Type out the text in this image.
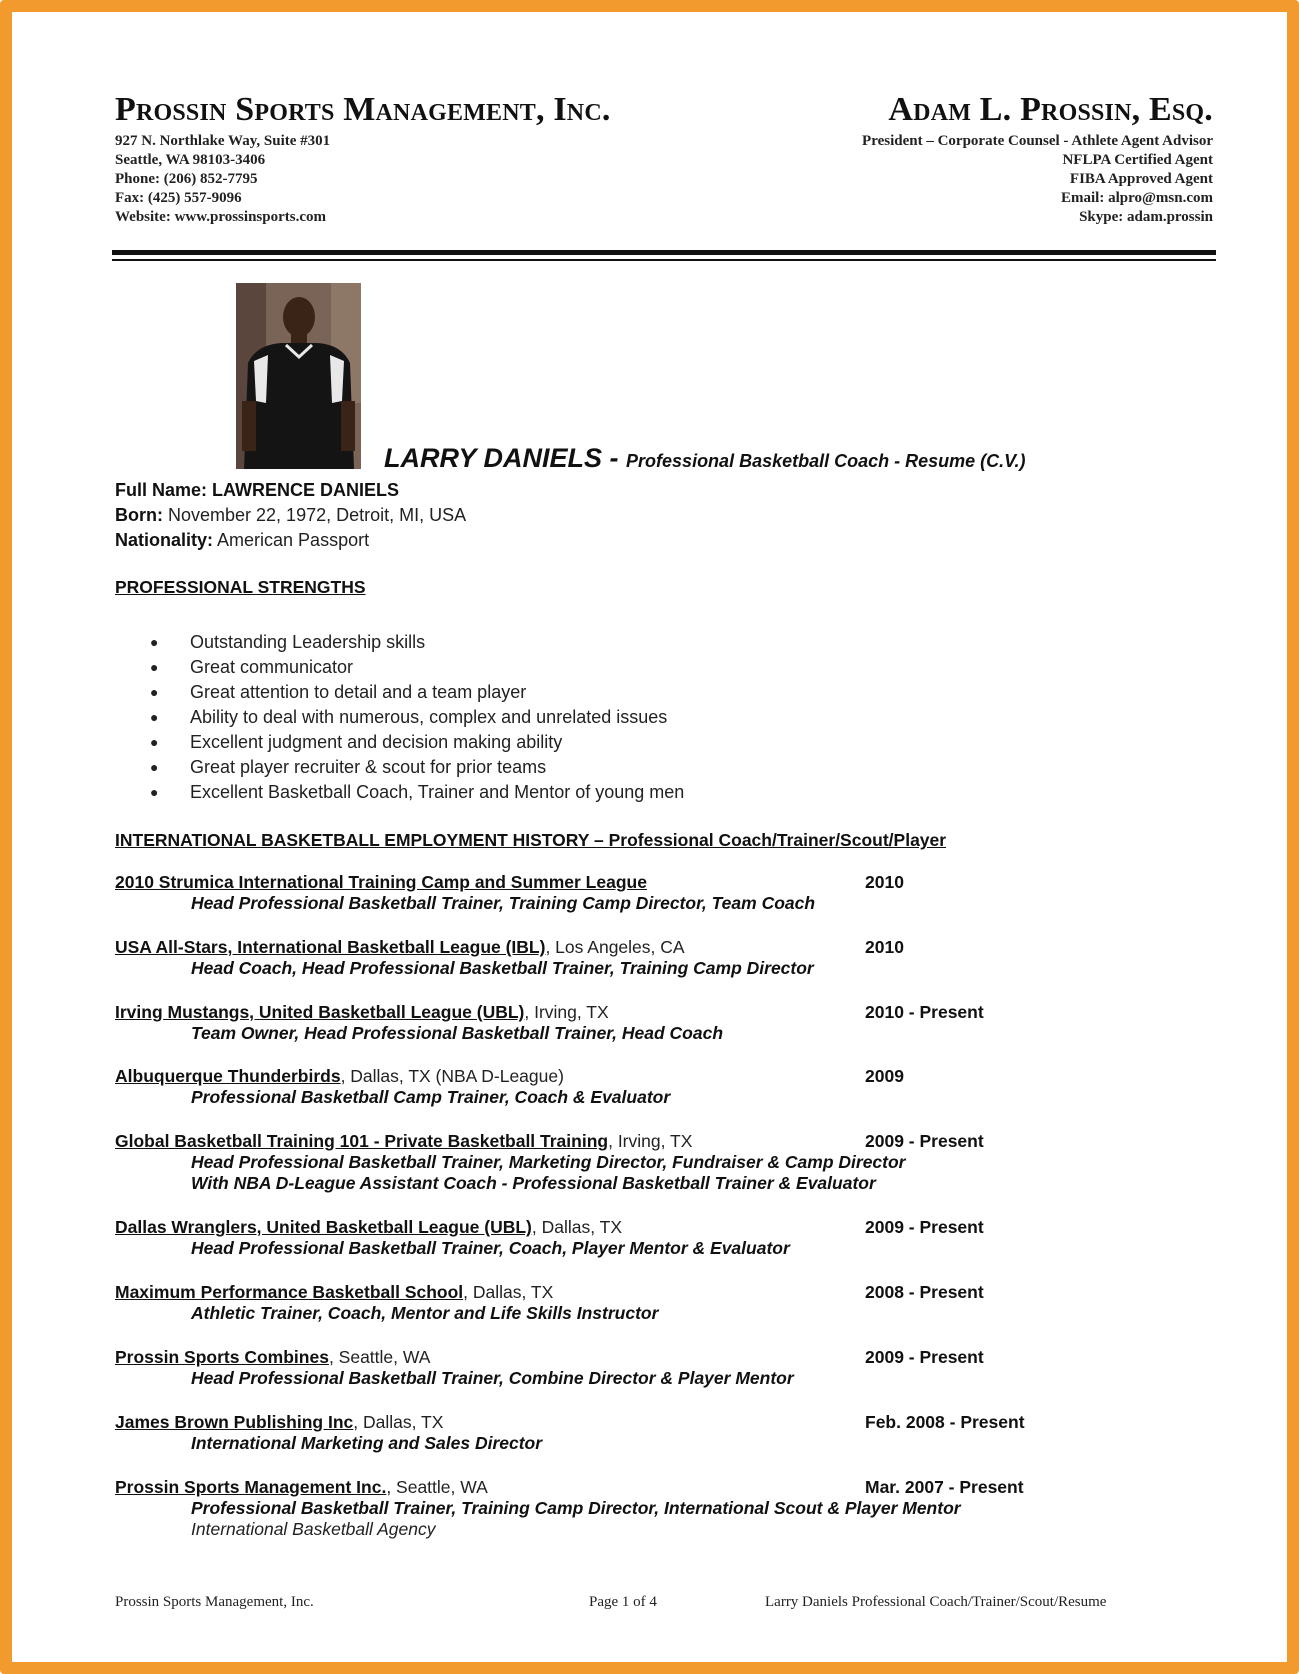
Prossin Sports Management, Inc.
927 N. Northlake Way, Suite #301
Seattle, WA 98103-3406
Phone: (206) 852-7795
Fax: (425) 557-9096
Website: www.prossinsports.com
Adam L. Prossin, Esq.
President – Corporate Counsel - Athlete Agent Advisor
NFLPA Certified Agent
FIBA Approved Agent
Email: alpro@msn.com
Skype: adam.prossin
LARRY DANIELS - Professional Basketball Coach - Resume (C.V.)
Full Name: LAWRENCE DANIELS
Born: November 22, 1972, Detroit, MI, USA
Nationality: American Passport
PROFESSIONAL STRENGTHS
●	Outstanding Leadership skills
●	Great communicator
●	Great attention to detail and a team player
●	Ability to deal with numerous, complex and unrelated issues
●	Excellent judgment and decision making ability
●	Great player recruiter & scout for prior teams
●	Excellent Basketball Coach, Trainer and Mentor of young men
INTERNATIONAL BASKETBALL EMPLOYMENT HISTORY – Professional Coach/Trainer/Scout/Player
2010 Strumica International Training Camp and Summer League	2010
Head Professional Basketball Trainer, Training Camp Director, Team Coach
USA All-Stars, International Basketball League (IBL), Los Angeles, CA	2010
Head Coach, Head Professional Basketball Trainer, Training Camp Director
Irving Mustangs, United Basketball League (UBL), Irving, TX	2010 - Present
Team Owner, Head Professional Basketball Trainer, Head Coach
Albuquerque Thunderbirds, Dallas, TX (NBA D-League)	2009
Professional Basketball Camp Trainer, Coach & Evaluator
Global Basketball Training 101 - Private Basketball Training, Irving, TX	2009 - Present
Head Professional Basketball Trainer, Marketing Director, Fundraiser & Camp Director
With NBA D-League Assistant Coach - Professional Basketball Trainer & Evaluator
Dallas Wranglers, United Basketball League (UBL), Dallas, TX	2009 - Present
Head Professional Basketball Trainer, Coach, Player Mentor & Evaluator
Maximum Performance Basketball School, Dallas, TX	2008 - Present
Athletic Trainer, Coach, Mentor and Life Skills Instructor
Prossin Sports Combines, Seattle, WA	2009 - Present
Head Professional Basketball Trainer, Combine Director & Player Mentor
James Brown Publishing Inc, Dallas, TX	Feb. 2008 - Present
International Marketing and Sales Director
Prossin Sports Management Inc., Seattle, WA	Mar. 2007 - Present
Professional Basketball Trainer, Training Camp Director, International Scout & Player Mentor
International Basketball Agency
Prossin Sports Management, Inc.	Page 1 of 4	Larry Daniels Professional Coach/Trainer/Scout/Resume
